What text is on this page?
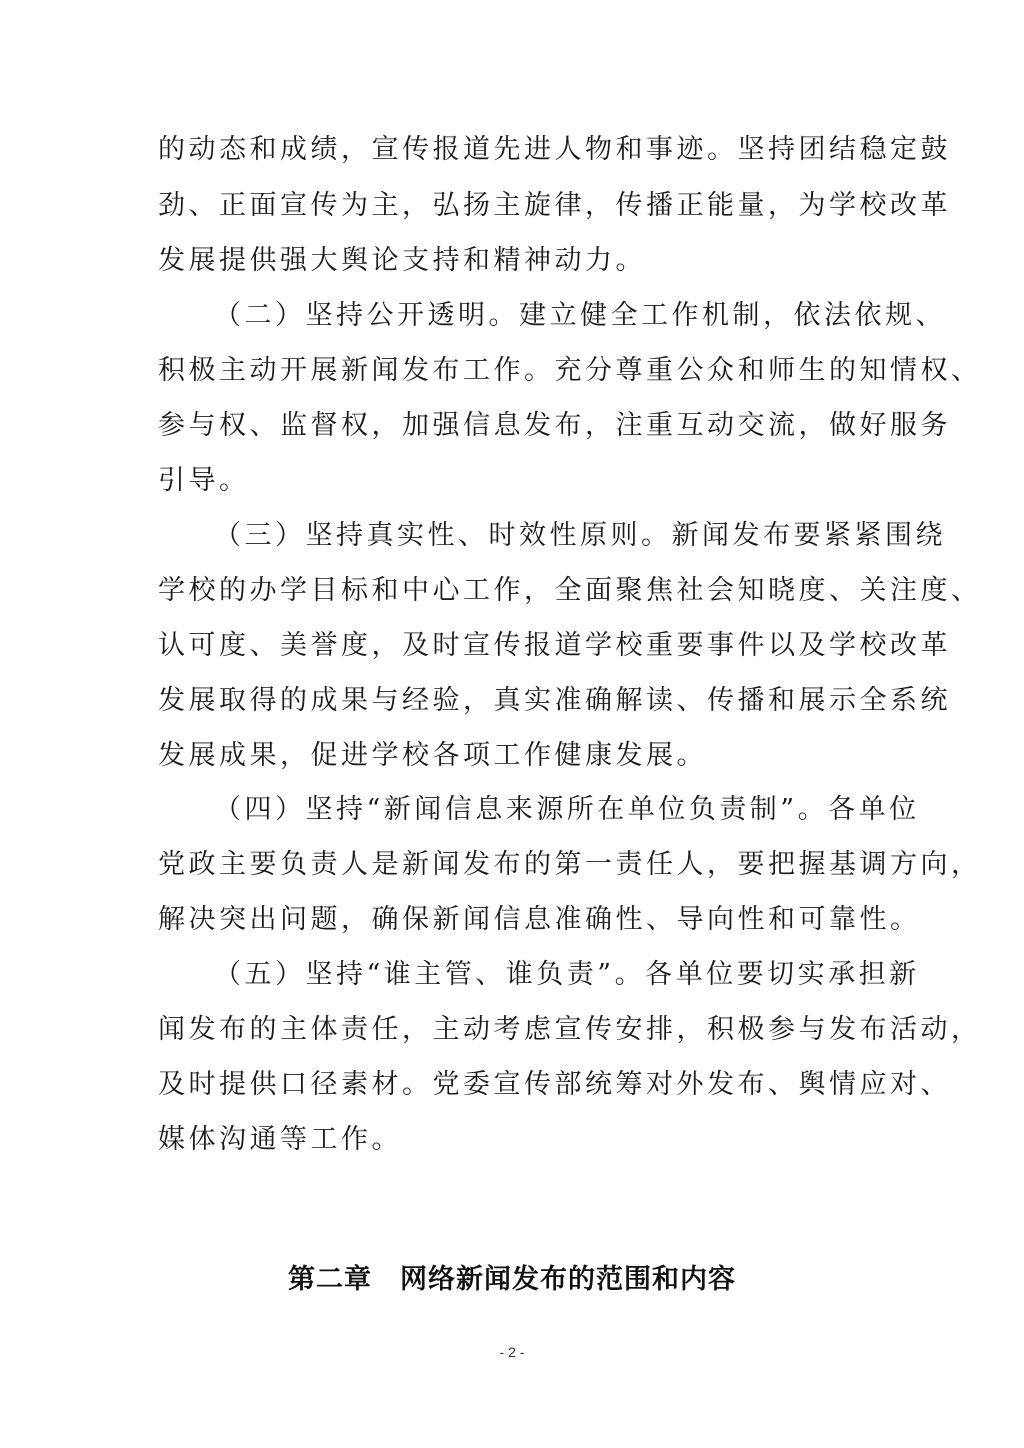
的动态和成绩，宣传报道先进人物和事迹。坚持团结稳定鼓
劲、正面宣传为主，弘扬主旋律，传播正能量，为学校改革
发展提供强大舆论支持和精神动力。
（二）坚持公开透明。建立健全工作机制，依法依规、
积极主动开展新闻发布工作。充分尊重公众和师生的知情权、
参与权、监督权，加强信息发布，注重互动交流，做好服务
引导。
（三）坚持真实性、时效性原则。新闻发布要紧紧围绕
学校的办学目标和中心工作，全面聚焦社会知晓度、关注度、
认可度、美誉度，及时宣传报道学校重要事件以及学校改革
发展取得的成果与经验，真实准确解读、传播和展示全系统
发展成果，促进学校各项工作健康发展。
（四）坚持“新闻信息来源所在单位负责制”。各单位
党政主要负责人是新闻发布的第一责任人，要把握基调方向，
解决突出问题，确保新闻信息准确性、导向性和可靠性。
（五）坚持“谁主管、谁负责”。各单位要切实承担新
闻发布的主体责任，主动考虑宣传安排，积极参与发布活动，
及时提供口径素材。党委宣传部统筹对外发布、舆情应对、
媒体沟通等工作。
第二章　网络新闻发布的范围和内容
- 2 -
